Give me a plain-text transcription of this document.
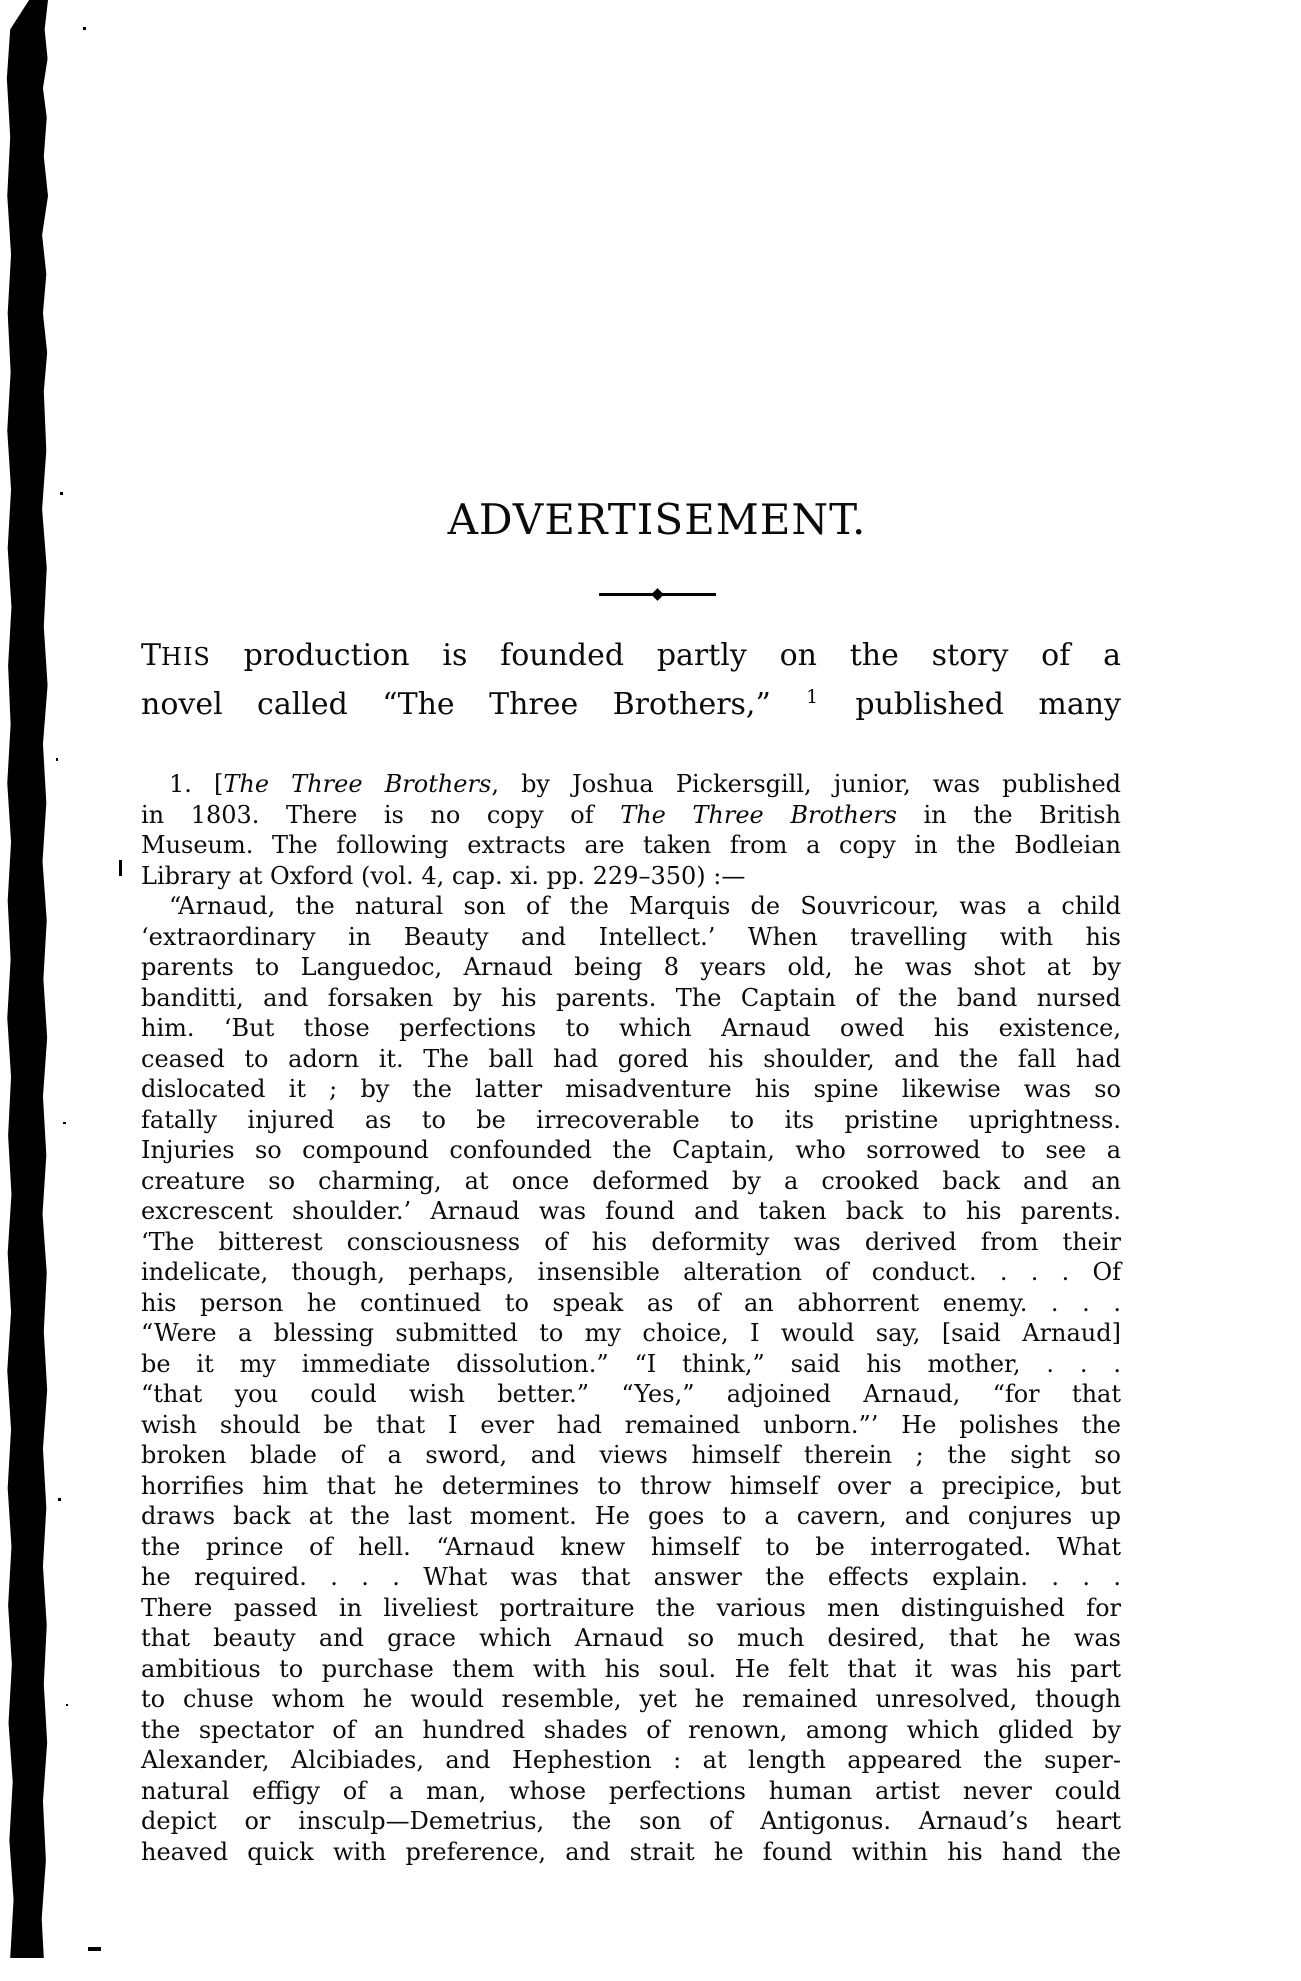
ADVERTISEMENT.
THIS production is founded partly on the story of a
novel called “The Three Brothers,” $^1$ published many
1. [The Three Brothers, by Joshua Pickersgill, junior, was published
in 1803. There is no copy of The Three Brothers in the British
Museum. The following extracts are taken from a copy in the Bodleian
Library at Oxford (vol. 4, cap. xi. pp. 229–350) :—
“Arnaud, the natural son of the Marquis de Souvricour, was a child
‘extraordinary in Beauty and Intellect.’ When travelling with his
parents to Languedoc, Arnaud being 8 years old, he was shot at by
banditti, and forsaken by his parents. The Captain of the band nursed
him. ‘But those perfections to which Arnaud owed his existence,
ceased to adorn it. The ball had gored his shoulder, and the fall had
dislocated it ; by the latter misadventure his spine likewise was so
fatally injured as to be irrecoverable to its pristine uprightness.
Injuries so compound confounded the Captain, who sorrowed to see a
creature so charming, at once deformed by a crooked back and an
excrescent shoulder.’ Arnaud was found and taken back to his parents.
‘The bitterest consciousness of his deformity was derived from their
indelicate, though, perhaps, insensible alteration of conduct. . . . Of
his person he continued to speak as of an abhorrent enemy. . . .
“Were a blessing submitted to my choice, I would say, [said Arnaud]
be it my immediate dissolution.” “I think,” said his mother, . . .
“that you could wish better.” “Yes,” adjoined Arnaud, “for that
wish should be that I ever had remained unborn.”’ He polishes the
broken blade of a sword, and views himself therein ; the sight so
horrifies him that he determines to throw himself over a precipice, but
draws back at the last moment. He goes to a cavern, and conjures up
the prince of hell. “Arnaud knew himself to be interrogated. What
he required. . . . What was that answer the effects explain. . . .
There passed in liveliest portraiture the various men distinguished for
that beauty and grace which Arnaud so much desired, that he was
ambitious to purchase them with his soul. He felt that it was his part
to chuse whom he would resemble, yet he remained unresolved, though
the spectator of an hundred shades of renown, among which glided by
Alexander, Alcibiades, and Hephestion : at length appeared the super-
natural effigy of a man, whose perfections human artist never could
depict or insculp—Demetrius, the son of Antigonus. Arnaud’s heart
heaved quick with preference, and strait he found within his hand the
